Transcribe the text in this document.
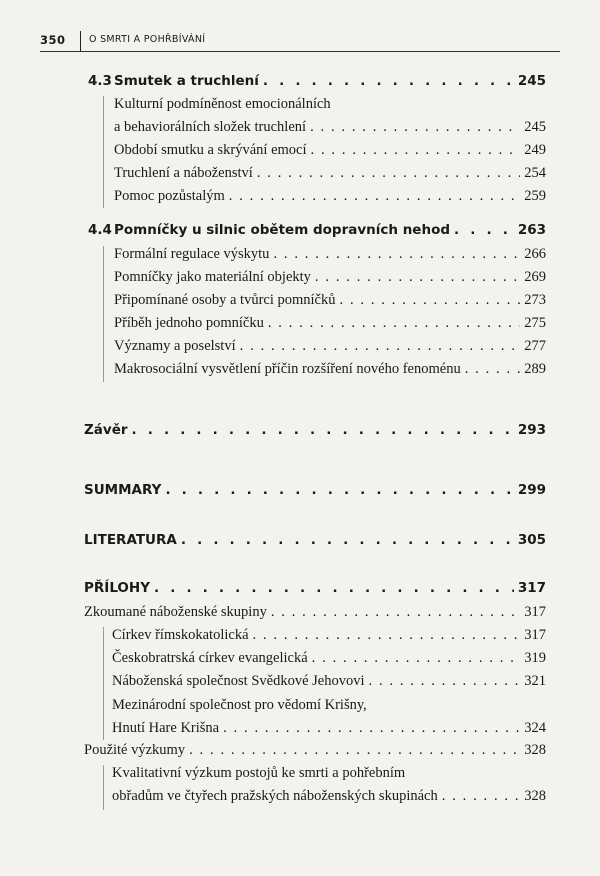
350 O SMRTI A POHŘBÍVÁNÍ
4.3 Smutek a truchlení . . .	245
Kulturní podmíněnost emocionálních
a behaviorálních složek truchlení . . .	245
Období smutku a skrývání emocí . . .	249
Truchlení a náboženství . . .	254
Pomoc pozůstalým . . .	259
4.4 Pomníčky u silnic obětem dopravních nehod . . .	263
Formální regulace výskytu . . .	266
Pomníčky jako materiální objekty . . .	269
Připomínané osoby a tvůrci pomníčků . . .	273
Příběh jednoho pomníčku . . .	275
Významy a poselství . . .	277
Makrosociální vysvětlení příčin rozšíření nového fenoménu . . .	289
Závěr . . .	293
SUMMARY . . .	299
LITERATURA . . .	305
PŘÍLOHY . . .	317
Zkoumané náboženské skupiny . . .	317
Církev římskokatolická . . .	317
Českobratrská církev evangelická . . .	319
Náboženská společnost Svědkové Jehovovi . . .	321
Mezinárodní společnost pro vědomí Krišny,
Hnutí Hare Krišna . . .	324
Použité výzkumy . . .	328
Kvalitativní výzkum postojů ke smrti a pohřebním
obřadům ve čtyřech pražských náboženských skupinách . . .	328
